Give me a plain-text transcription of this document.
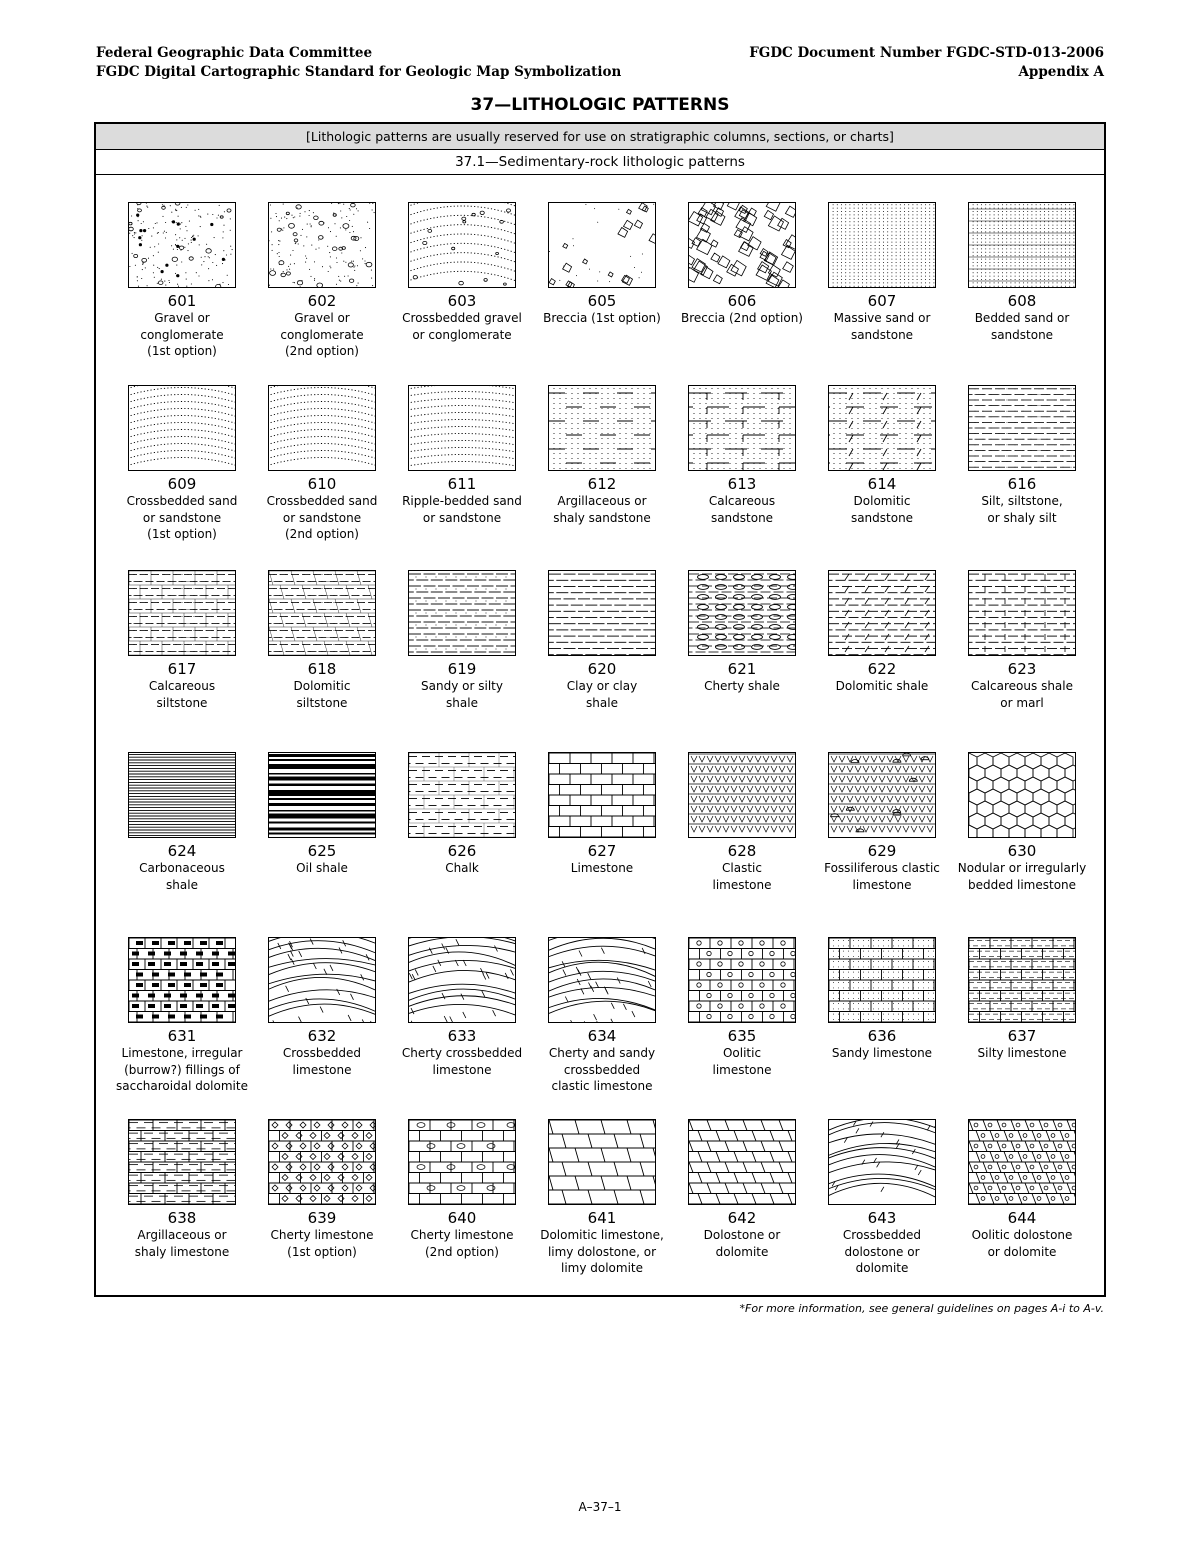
Federal Geographic Data Committee
FGDC Digital Cartographic Standard for Geologic Map Symbolization
FGDC Document Number FGDC-STD-013-2006
Appendix A
37—LITHOLOGIC PATTERNS
[Lithologic patterns are usually reserved for use on stratigraphic columns, sections, or charts]
37.1—Sedimentary-rock lithologic patterns
601
Gravel or
conglomerate
(1st option)
602
Gravel or
conglomerate
(2nd option)
603
Crossbedded gravel
or conglomerate
605
Breccia (1st option)
606
Breccia (2nd option)
607
Massive sand or
sandstone
608
Bedded sand or
sandstone
609
Crossbedded sand
or sandstone
(1st option)
610
Crossbedded sand
or sandstone
(2nd option)
611
Ripple-bedded sand
or sandstone
612
Argillaceous or
shaly sandstone
613
Calcareous
sandstone
614
Dolomitic
sandstone
616
Silt, siltstone,
or shaly silt
617
Calcareous
siltstone
618
Dolomitic
siltstone
619
Sandy or silty
shale
620
Clay or clay
shale
621
Cherty shale
622
Dolomitic shale
623
Calcareous shale
or marl
624
Carbonaceous
shale
625
Oil shale
626
Chalk
627
Limestone
628
Clastic
limestone
629
Fossiliferous clastic
limestone
630
Nodular or irregularly
bedded limestone
631
Limestone, irregular
(burrow?) fillings of
saccharoidal dolomite
632
Crossbedded
limestone
633
Cherty crossbedded
limestone
634
Cherty and sandy
crossbedded
clastic limestone
635
Oolitic
limestone
636
Sandy limestone
637
Silty limestone
638
Argillaceous or
shaly limestone
639
Cherty limestone
(1st option)
640
Cherty limestone
(2nd option)
641
Dolomitic limestone,
limy dolostone, or
limy dolomite
642
Dolostone or
dolomite
643
Crossbedded
dolostone or
dolomite
644
Oolitic dolostone
or dolomite
*For more information, see general guidelines on pages A-i to A-v.
A–37–1
